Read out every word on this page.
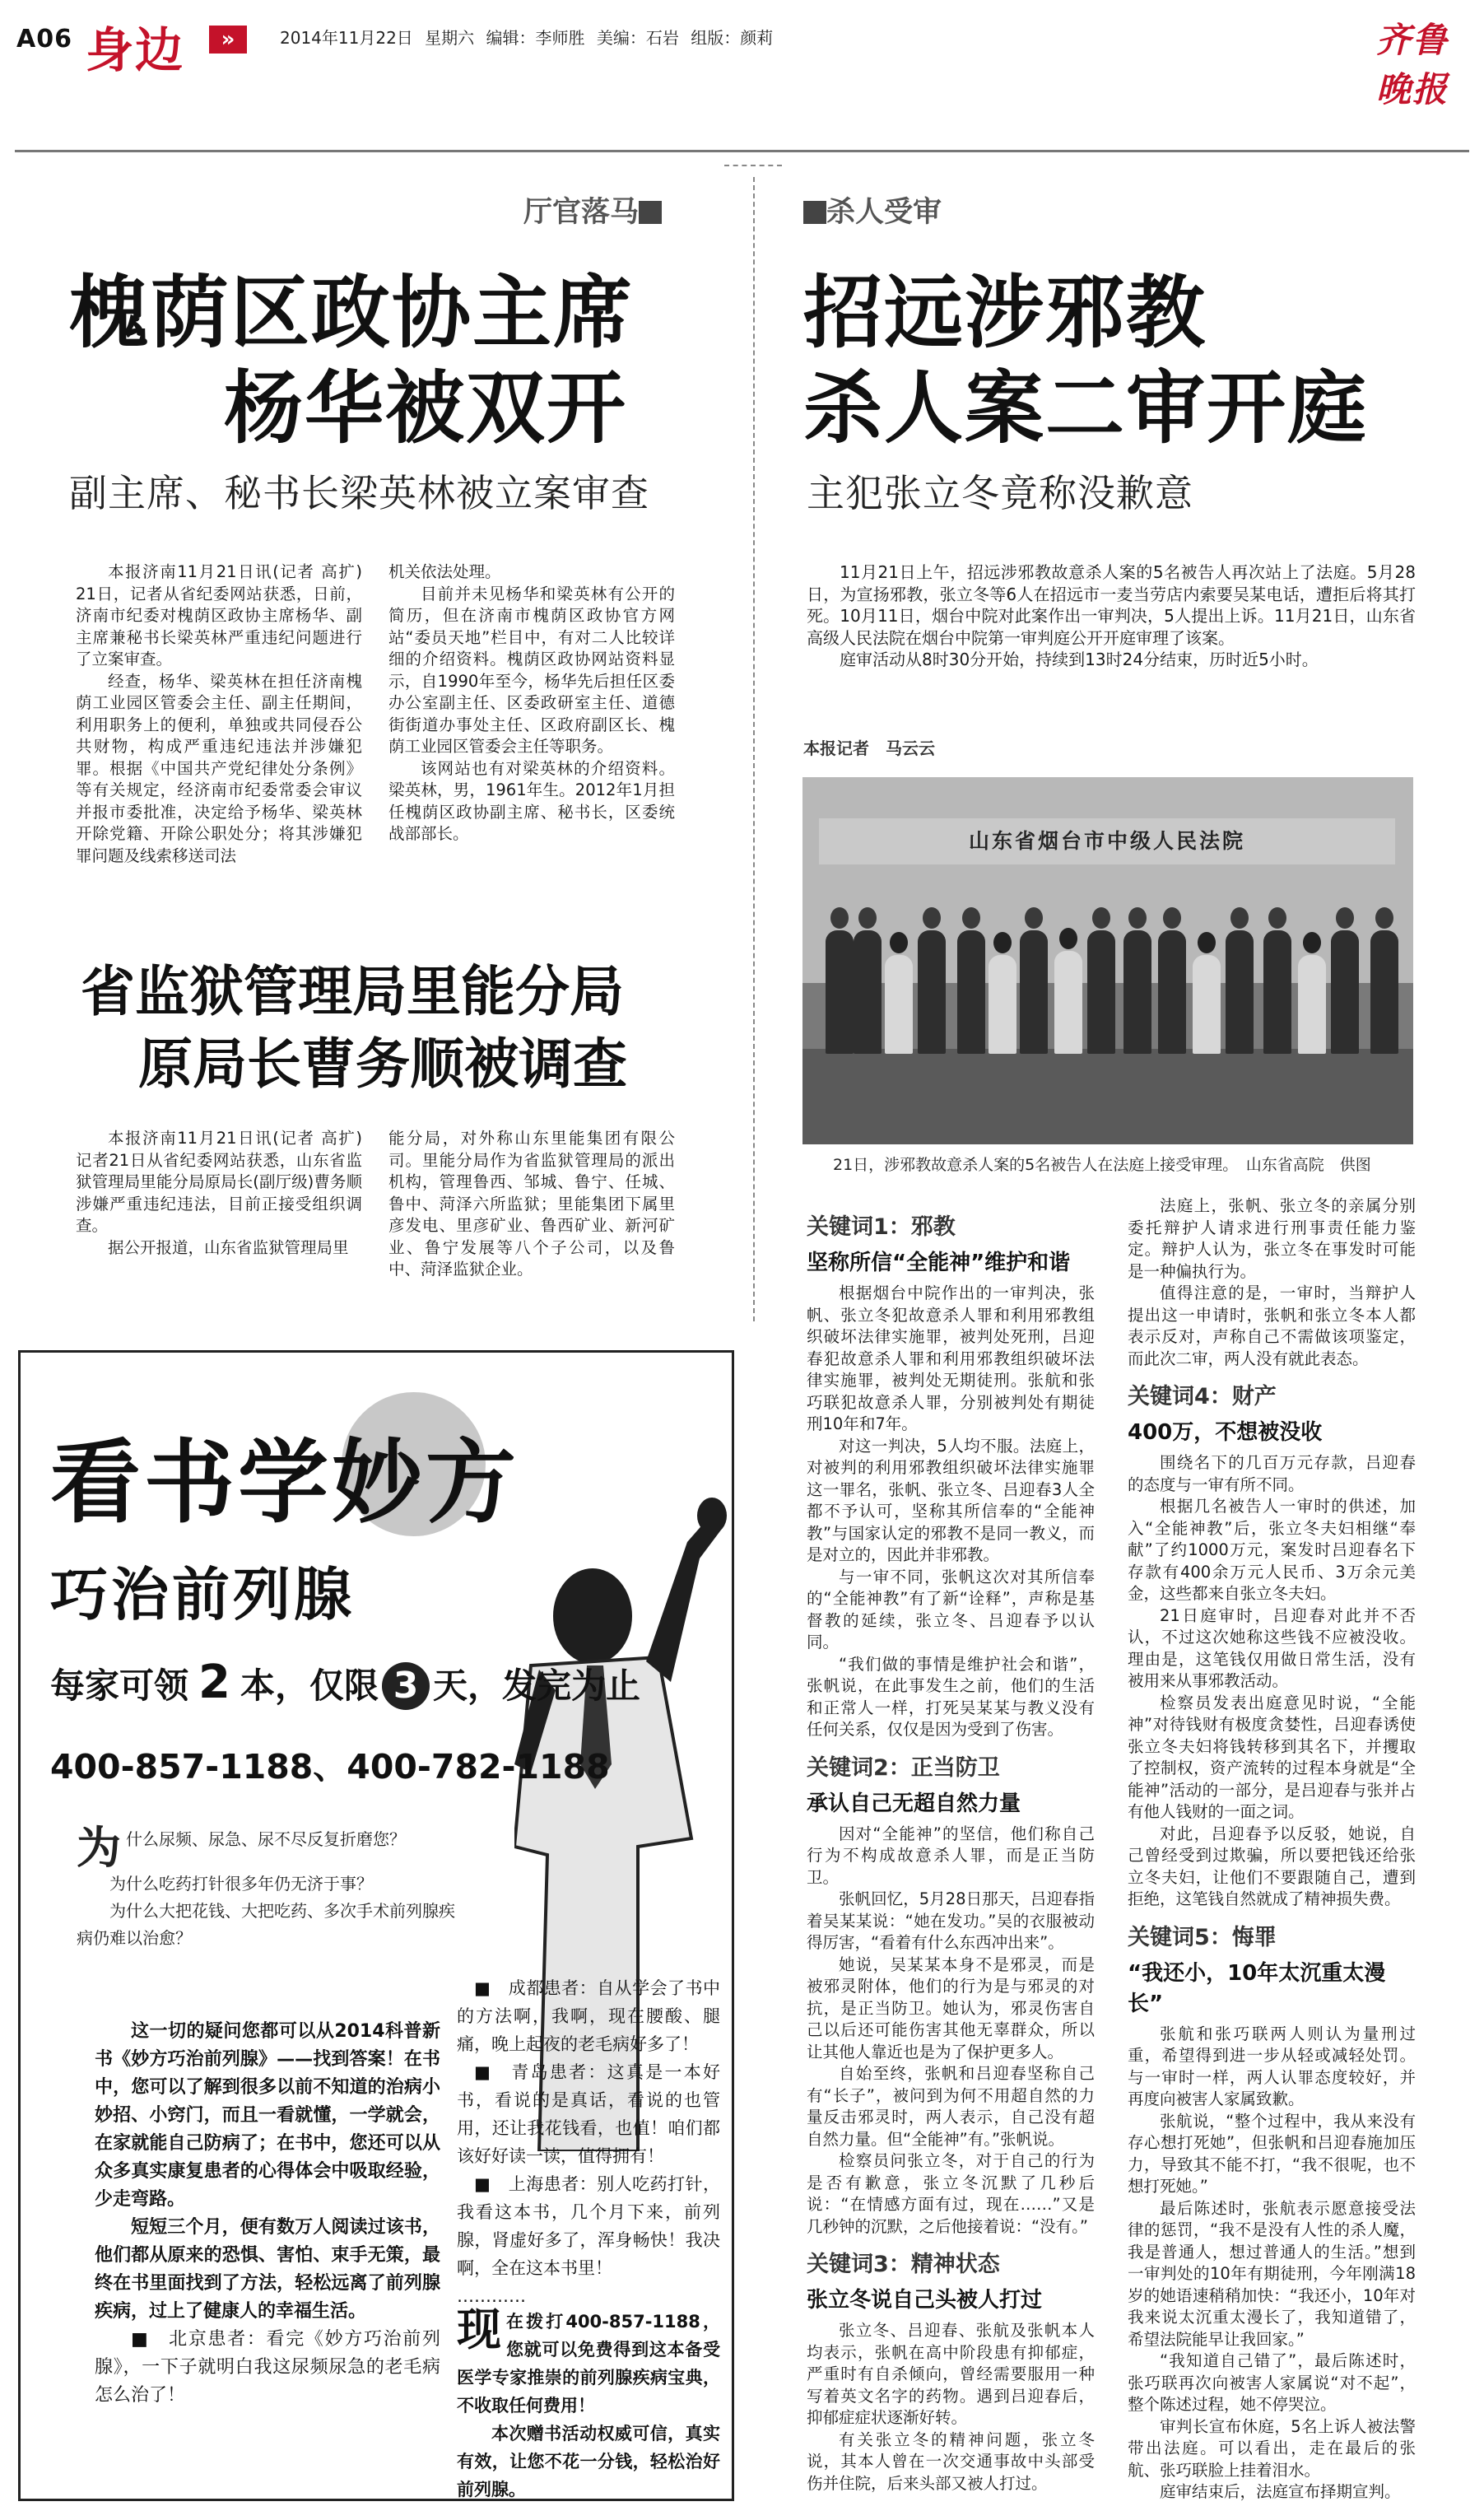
A06 身边	»	2014年11月22日 星期六 编辑：李师胜 美编：石岩 组版：颜莉	齐鲁晚报
厅官落马
槐荫区政协主席
杨华被双开
副主席、秘书长梁英林被立案审查

本报济南11月21日讯(记者 高扩) 21日，记者从省纪委网站获悉，日前，济南市纪委对槐荫区政协主席杨华、副主席兼秘书长梁英林严重违纪问题进行了立案审查。

经查，杨华、梁英林在担任济南槐荫工业园区管委会主任、副主任期间，利用职务上的便利，单独或共同侵吞公共财物，构成严重违纪违法并涉嫌犯罪。根据《中国共产党纪律处分条例》等有关规定，经济南市纪委常委会审议并报市委批准，决定给予杨华、梁英林开除党籍、开除公职处分；将其涉嫌犯罪问题及线索移送司法

机关依法处理。

目前并未见杨华和梁英林有公开的简历，但在济南市槐荫区政协官方网站“委员天地”栏目中，有对二人比较详细的介绍资料。槐荫区政协网站资料显示，自1990年至今，杨华先后担任区委办公室副主任、区委政研室主任、道德街街道办事处主任、区政府副区长、槐荫工业园区管委会主任等职务。

该网站也有对梁英林的介绍资料。梁英林，男，1961年生。2012年1月担任槐荫区政协副主席、秘书长，区委统战部部长。

省监狱管理局里能分局
原局长曹务顺被调查

本报济南11月21日讯(记者 高扩) 记者21日从省纪委网站获悉，山东省监狱管理局里能分局原局长(副厅级)曹务顺涉嫌严重违纪违法，目前正接受组织调查。

据公开报道，山东省监狱管理局里

能分局，对外称山东里能集团有限公司。里能分局作为省监狱管理局的派出机构，管理鲁西、邹城、鲁宁、任城、鲁中、菏泽六所监狱；里能集团下属里彦发电、里彦矿业、鲁西矿业、新河矿业、鲁宁发展等八个子公司，以及鲁中、菏泽监狱企业。

杀人受审
招远涉邪教
杀人案二审开庭
主犯张立冬竟称没歉意

11月21日上午，招远涉邪教故意杀人案的5名被告人再次站上了法庭。5月28日，为宣扬邪教，张立冬等6人在招远市一麦当劳店内索要吴某电话，遭拒后将其打死。10月11日，烟台中院对此案作出一审判决，5人提出上诉。11月21日，山东省高级人民法院在烟台中院第一审判庭公开开庭审理了该案。

庭审活动从8时30分开始，持续到13时24分结束，历时近5小时。

本报记者　马云云
山东省烟台市中级人民法院
21日，涉邪教故意杀人案的5名被告人在法庭上接受审理。　山东省高院　供图
关键词1：邪教
坚称所信“全能神”维护和谐

根据烟台中院作出的一审判决，张帆、张立冬犯故意杀人罪和利用邪教组织破坏法律实施罪，被判处死刑，吕迎春犯故意杀人罪和利用邪教组织破坏法律实施罪，被判处无期徒刑。张航和张巧联犯故意杀人罪，分别被判处有期徒刑10年和7年。

对这一判决，5人均不服。法庭上，对被判的利用邪教组织破坏法律实施罪这一罪名，张帆、张立冬、吕迎春3人全都不予认可，坚称其所信奉的“全能神教”与国家认定的邪教不是同一教义，而是对立的，因此并非邪教。

与一审不同，张帆这次对其所信奉的“全能神教”有了新“诠释”，声称是基督教的延续，张立冬、吕迎春予以认同。

“我们做的事情是维护社会和谐”，张帆说，在此事发生之前，他们的生活和正常人一样，打死吴某某与教义没有任何关系，仅仅是因为受到了伤害。

关键词2：正当防卫
承认自己无超自然力量

因对“全能神”的坚信，他们称自己行为不构成故意杀人罪，而是正当防卫。

张帆回忆，5月28日那天，吕迎春指着吴某某说：“她在发功。”吴的衣服被动得厉害，“看着有什么东西冲出来”。

她说，吴某某本身不是邪灵，而是被邪灵附体，他们的行为是与邪灵的对抗，是正当防卫。她认为，邪灵伤害自己以后还可能伤害其他无辜群众，所以让其他人靠近也是为了保护更多人。

自始至终，张帆和吕迎春坚称自己有“长子”，被问到为何不用超自然的力量反击邪灵时，两人表示，自己没有超自然力量。但“全能神”有。”张帆说。

检察员问张立冬，对于自己的行为是否有歉意，张立冬沉默了几秒后说：“在情感方面有过，现在……”又是几秒钟的沉默，之后他接着说：“没有。”

关键词3：精神状态
张立冬说自己头被人打过

张立冬、吕迎春、张航及张帆本人均表示，张帆在高中阶段患有抑郁症，严重时有自杀倾向，曾经需要服用一种写着英文名字的药物。遇到吕迎春后，抑郁症症状逐渐好转。

有关张立冬的精神问题，张立冬说，其本人曾在一次交通事故中头部受伤并住院，后来头部又被人打过。

法庭上，张帆、张立冬的亲属分别委托辩护人请求进行刑事责任能力鉴定。辩护人认为，张立冬在事发时可能是一种偏执行为。

值得注意的是，一审时，当辩护人提出这一申请时，张帆和张立冬本人都表示反对，声称自己不需做该项鉴定，而此次二审，两人没有就此表态。

关键词4：财产
400万，不想被没收

围绕名下的几百万元存款，吕迎春的态度与一审有所不同。

根据几名被告人一审时的供述，加入“全能神教”后，张立冬夫妇相继“奉献”了约1000万元，案发时吕迎春名下存款有400余万元人民币、3万余元美金，这些都来自张立冬夫妇。

21日庭审时，吕迎春对此并不否认，不过这次她称这些钱不应被没收。理由是，这笔钱仅用做日常生活，没有被用来从事邪教活动。

检察员发表出庭意见时说，“全能神”对待钱财有极度贪婪性，吕迎春诱使张立冬夫妇将钱转移到其名下，并攫取了控制权，资产流转的过程本身就是“全能神”活动的一部分，是吕迎春与张并占有他人钱财的一面之词。

对此，吕迎春予以反驳，她说，自己曾经受到过欺骗，所以要把钱还给张立冬夫妇，让他们不要跟随自己，遭到拒绝，这笔钱自然就成了精神损失费。

关键词5：悔罪
“我还小，10年太沉重太漫长”

张航和张巧联两人则认为量刑过重，希望得到进一步从轻或减轻处罚。与一审时一样，两人认罪态度较好，并再度向被害人家属致歉。

张航说，“整个过程中，我从来没有存心想打死她”，但张帆和吕迎春施加压力，导致其不能不打，“我不很呢，也不想打死她。”

最后陈述时，张航表示愿意接受法律的惩罚，“我不是没有人性的杀人魔，我是普通人，想过普通人的生活。”想到一审判处的10年有期徒刑，今年刚满18岁的她语速稍稍加快：“我还小，10年对我来说太沉重太漫长了，我知道错了，希望法院能早让我回家。”

“我知道自己错了”，最后陈述时，张巧联再次向被害人家属说“对不起”，整个陈述过程，她不停哭泣。

审判长宣布休庭，5名上诉人被法警带出法庭。可以看出，走在最后的张航、张巧联脸上挂着泪水。

庭审结束后，法庭宣布择期宣判。

看书学妙方
巧治前列腺
每家可领 2 本，仅限 3 天，发完为止
400-857-1188、400-782-1188
为什么尿频、尿急、尿不尽反复折磨您？
为什么吃药打针很多年仍无济于事？
为什么大把花钱、大把吃药、多次手术前列腺疾病仍难以治愈？

这一切的疑问您都可以从2014科普新书《妙方巧治前列腺》——找到答案！在书中，您可以了解到很多以前不知道的治病小妙招、小窍门，而且一看就懂，一学就会，在家就能自己防病了；在书中，您还可以从众多真实康复患者的心得体会中吸取经验，少走弯路。

短短三个月，便有数万人阅读过该书，他们都从原来的恐惧、害怕、束手无策，最终在书里面找到了方法，轻松远离了前列腺疾病，过上了健康人的幸福生活。

■　北京患者：看完《妙方巧治前列腺》，一下子就明白我这尿频尿急的老毛病怎么治了！

■　成都患者：自从学会了书中的方法啊，我啊，现在腰酸、腿痛，晚上起夜的老毛病好多了！

■　青岛患者：这真是一本好书，看说的是真话，看说的也管用，还让我花钱看，也值！咱们都该好好读一读，值得拥有！

■　上海患者：别人吃药打针，我看这本书，几个月下来，前列腺，肾虚好多了，浑身畅快！我决啊，全在这本书里！

…………

现在拨打400-857-1188，您就可以免费得到这本备受医学专家推崇的前列腺疾病宝典，不收取任何费用！

本次赠书活动权威可信，真实有效，让您不花一分钱，轻松治好前列腺。
